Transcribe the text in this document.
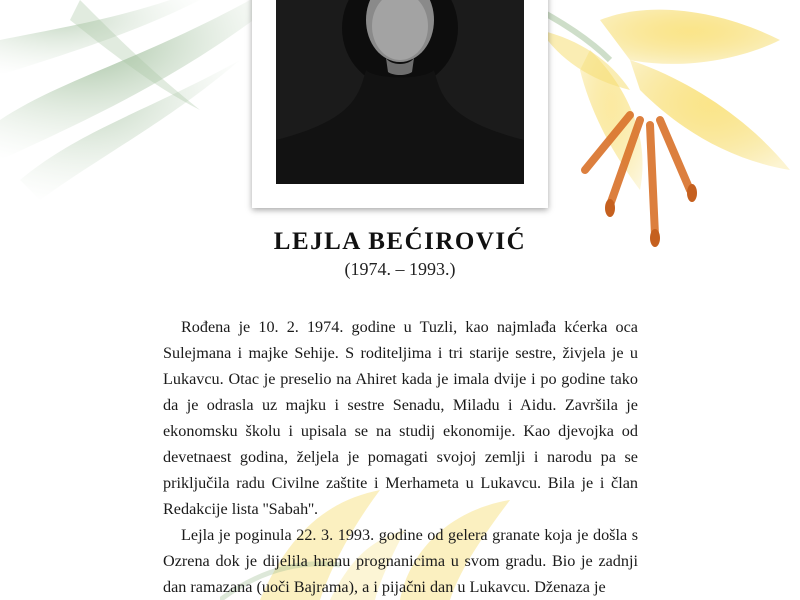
LEJLA BEĆIROVIĆ
(1974. – 1993.)

Rođena je 10. 2. 1974. godine u Tuzli, kao najmlađa kćerka oca Sulejmana i majke Sehije. S roditeljima i tri starije sestre, živjela je u Lukavcu. Otac je preselio na Ahiret kada je imala dvije i po godine tako da je odrasla uz majku i sestre Senadu, Miladu i Aidu. Završila je ekonomsku školu i upisala se na studij ekonomije. Kao djevojka od devetnaest godina, željela je pomagati svojoj zemlji i narodu pa se priključila radu Civilne zaštite i Merhameta u Lukavcu. Bila je i član Redakcije lista ''Sabah''.

Lejla je poginula 22. 3. 1993. godine od gelera granate koja je došla s Ozrena dok je dijelila hranu prognanicima u svom gradu. Bio je zadnji dan ramazana (uoči Bajrama), a i pijačni dan u Lukavcu. Dženaza je
